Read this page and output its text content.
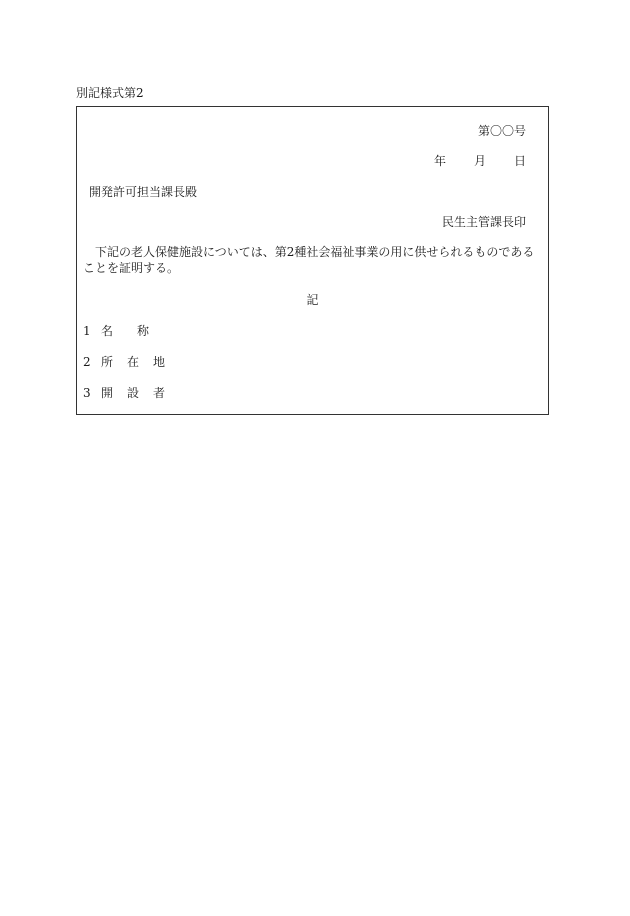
別記様式第2
第〇〇号
年 月 日
開発許可担当課長殿
民生主管課長印
下記の老人保健施設については、第2種社会福祉事業の用に供せられるものであることを証明する。
記
1 名　　称
2 所在地
3 開設者
